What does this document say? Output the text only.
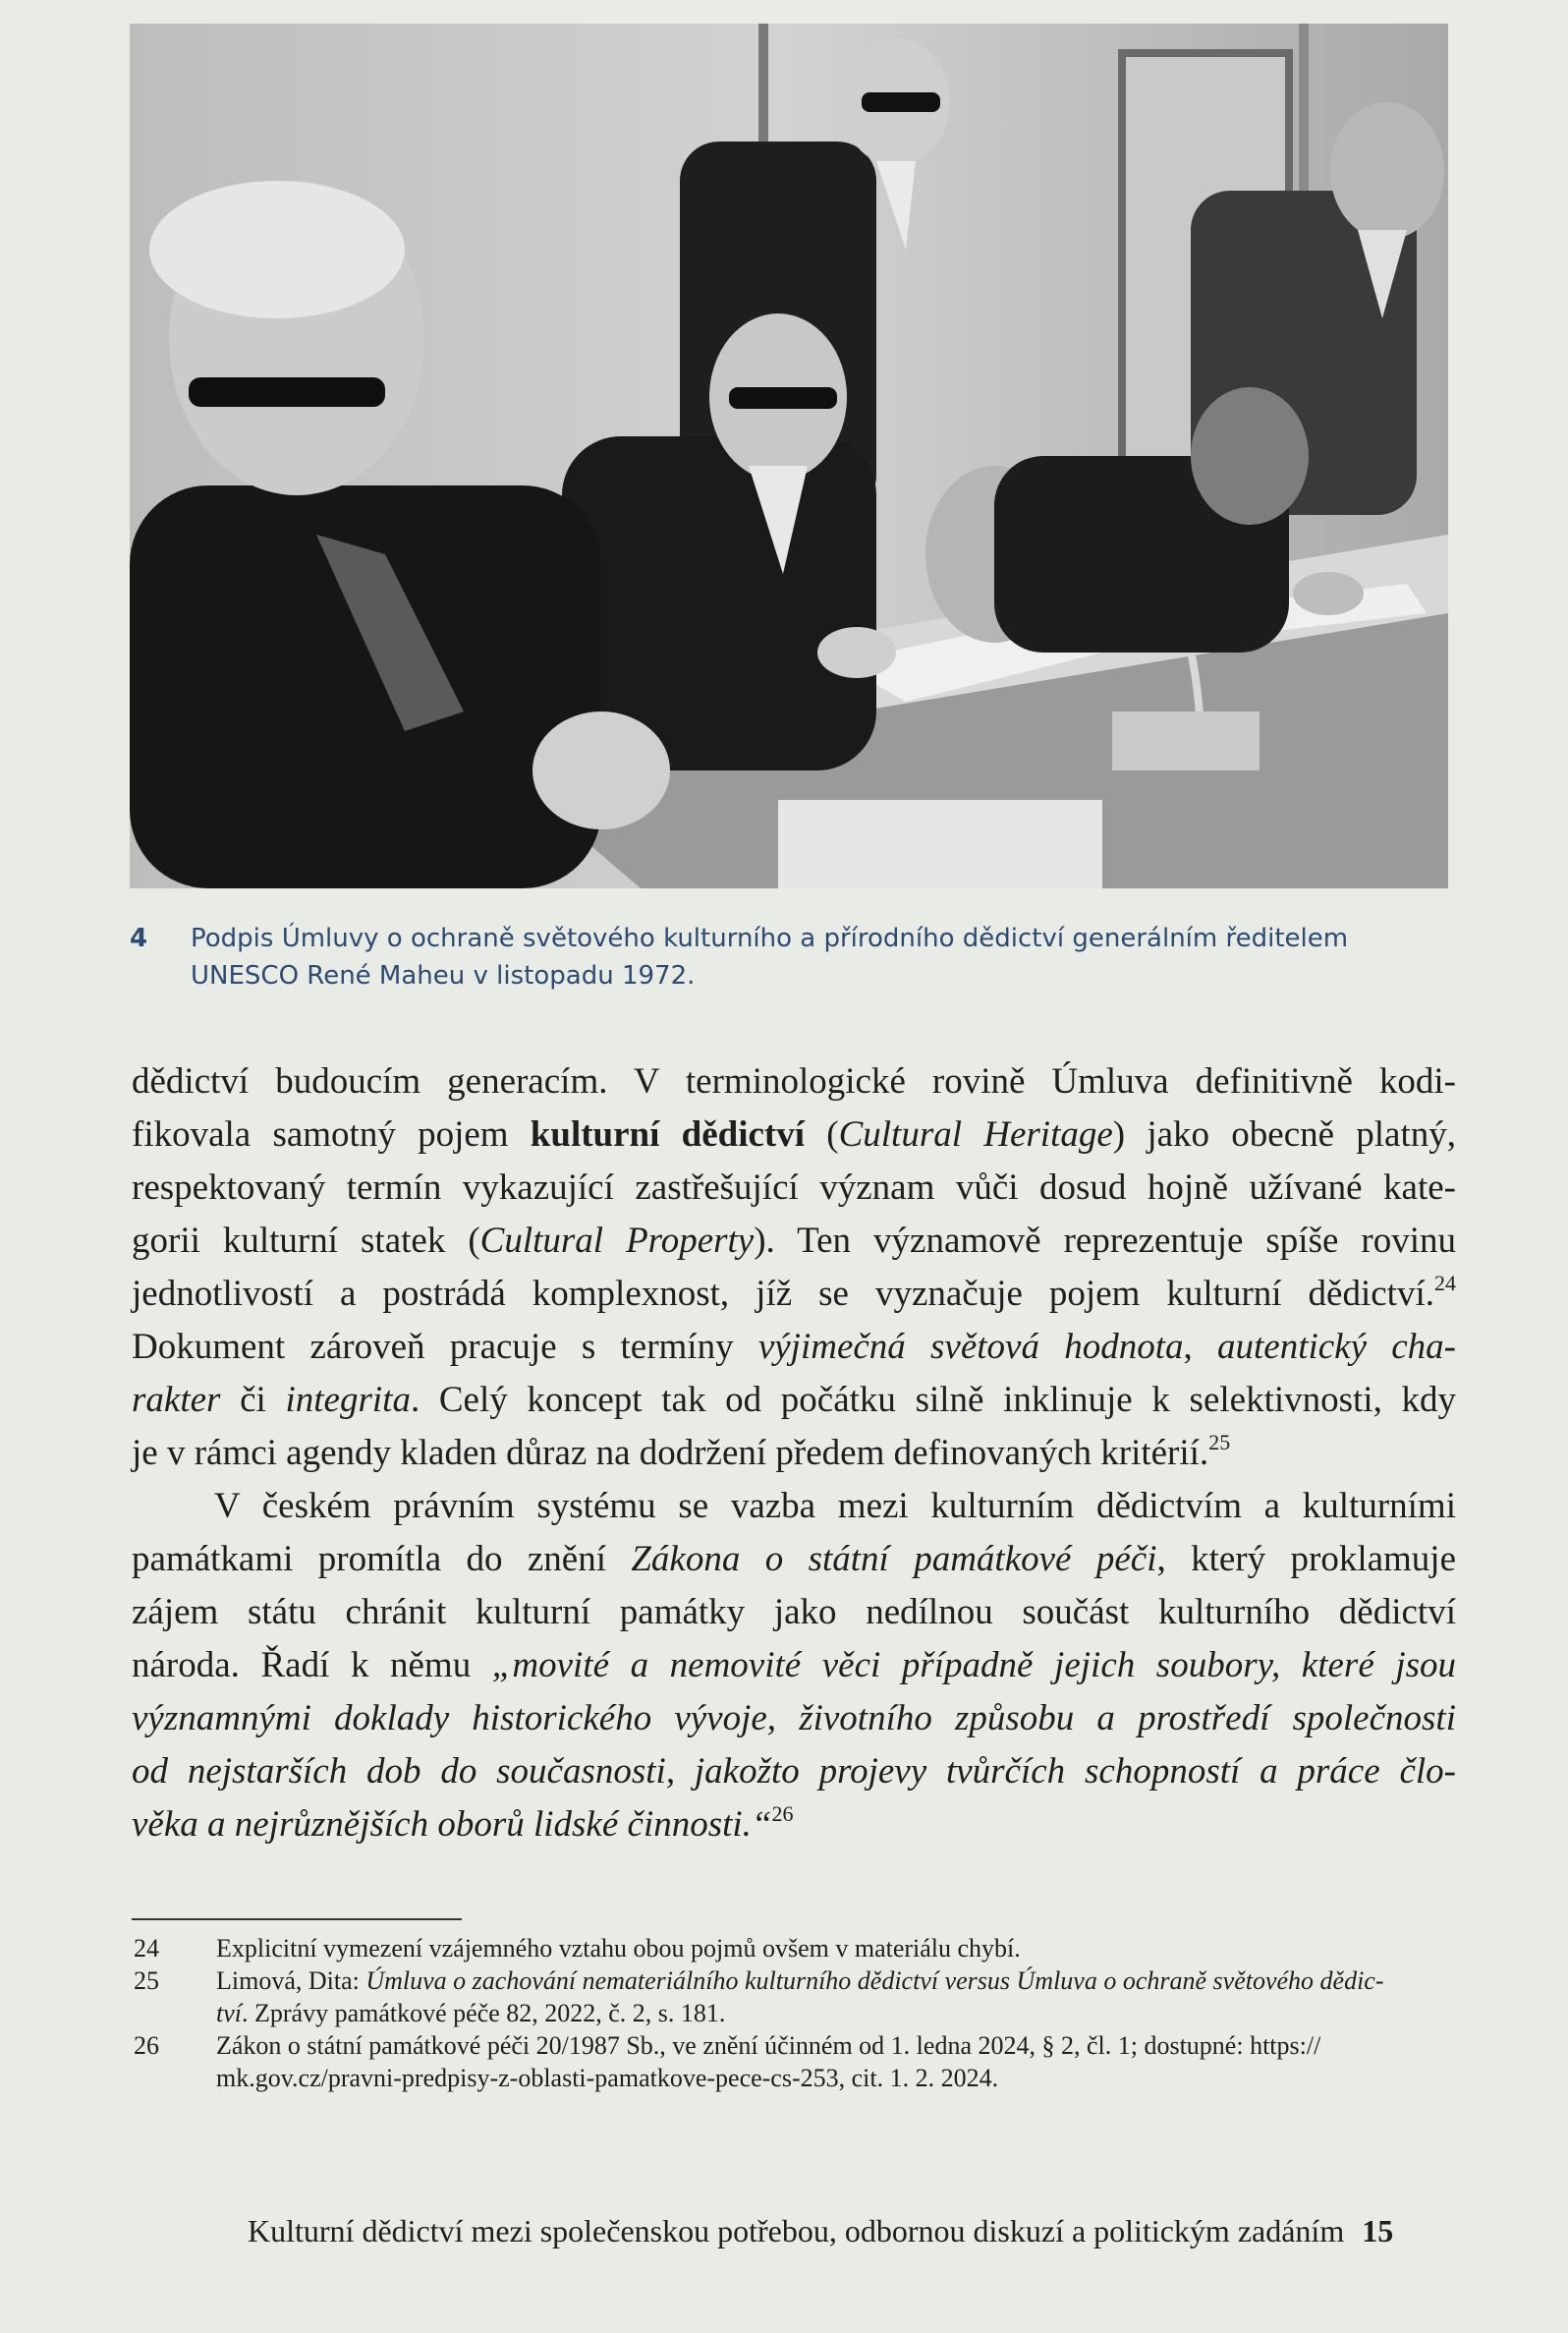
4 Podpis Úmluvy o ochraně světového kulturního a přírodního dědictví generálním ředitelem
UNESCO René Maheu v listopadu 1972.
dědictví budoucím generacím. V terminologické rovině Úmluva definitivně kodi-
fikovala samotný pojem kulturní dědictví (Cultural Heritage) jako obecně platný,
respektovaný termín vykazující zastřešující význam vůči dosud hojně užívané kate-
gorii kulturní statek (Cultural Property). Ten významově reprezentuje spíše rovinu
jednotlivostí a postrádá komplexnost, jíž se vyznačuje pojem kulturní dědictví.$^{24}$
Dokument zároveň pracuje s termíny výjimečná světová hodnota, autentický cha-
rakter či integrita. Celý koncept tak od počátku silně inklinuje k selektivnosti, kdy
je v rámci agendy kladen důraz na dodržení předem definovaných kritérií.$^{25}$
V českém právním systému se vazba mezi kulturním dědictvím a kulturními
památkami promítla do znění Zákona o státní památkové péči, který proklamuje
zájem státu chránit kulturní památky jako nedílnou součást kulturního dědictví
národa. Řadí k němu „movité a nemovité věci případně jejich soubory, které jsou
významnými doklady historického vývoje, životního způsobu a prostředí společnosti
od nejstarších dob do současnosti, jakožto projevy tvůrčích schopností a práce člo-
věka a nejrůznějších oborů lidské činnosti.“$^{26}$
24 Explicitní vymezení vzájemného vztahu obou pojmů ovšem v materiálu chybí.
25 Limová, Dita: Úmluva o zachování nemateriálního kulturního dědictví versus Úmluva o ochraně světového dědic-
tví. Zprávy památkové péče 82, 2022, č. 2, s. 181.
26 Zákon o státní památkové péči 20/1987 Sb., ve znění účinném od 1. ledna 2024, § 2, čl. 1; dostupné: https://
mk.gov.cz/pravni-predpisy-z-oblasti-pamatkove-pece-cs-253, cit. 1. 2. 2024.
Kulturní dědictví mezi společenskou potřebou, odbornou diskuzí a politickým zadáním 15
